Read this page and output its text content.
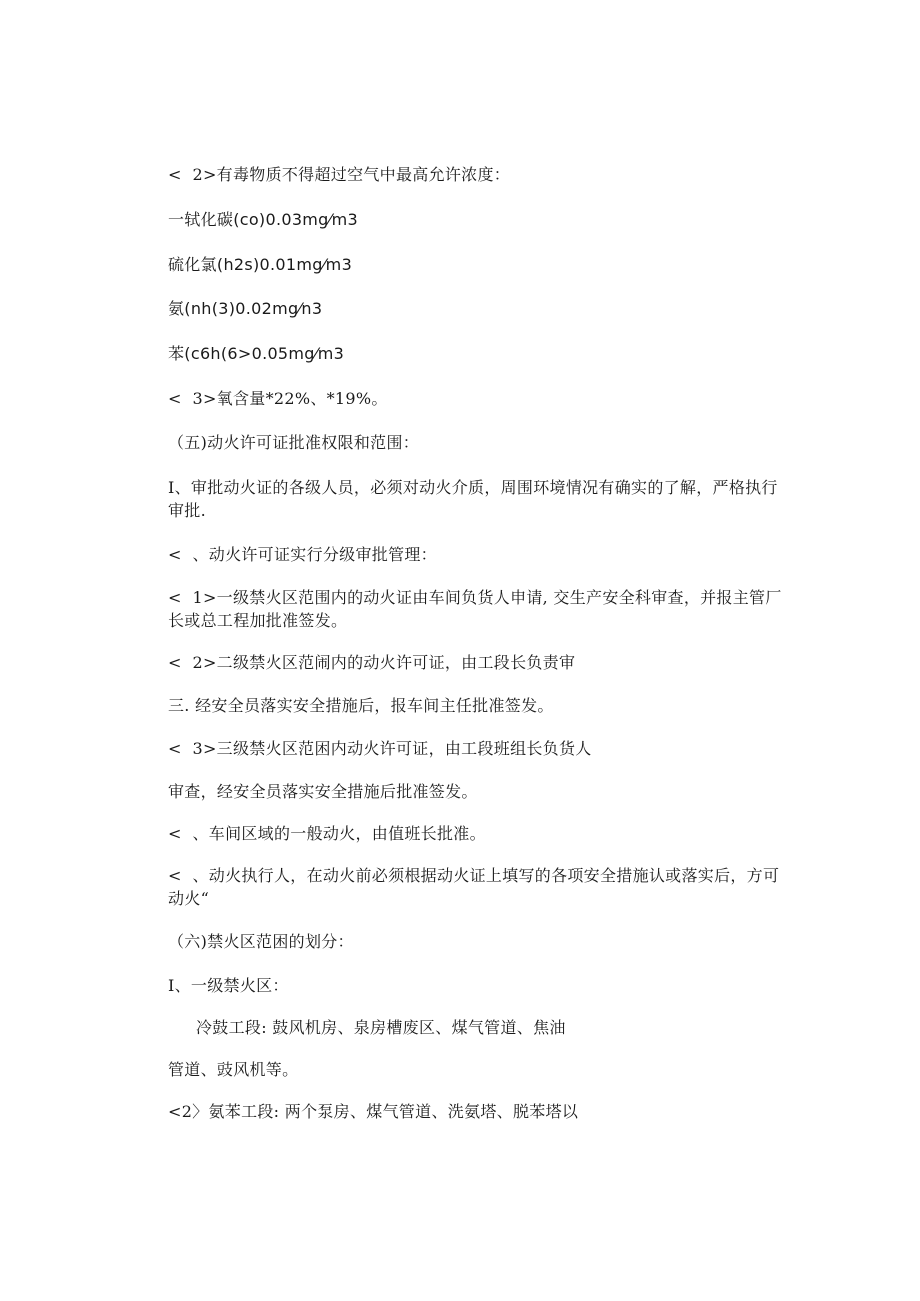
<  2>有毒物质不得超过空气中最高允许浓度：
一轼化碳(co)0.03mg⁄m3
硫化氯(h2s)0.01mg⁄m3
氨(nh(3)0.02mg⁄n3
苯(c6h(6>0.05mg⁄m3
<  3>氧含量*22%、*19%。
（五)动火许可证批准权限和范围：
I、审批动火证的各级人员，必须对动火介质，周围环境情况有确实的了解，严格执行审批.
<  、动火许可证实行分级审批管理：
<  1>一级禁火区范围内的动火证由车间负货人申请, 交生产安全科审查，并报主管厂长或总工程加批准签发。
<  2>二级禁火区范闹内的动火许可证，由工段长负责审
三. 经安全员落实安全措施后，报车间主任批准签发。
<  3>三级禁火区范困内动火许可证，由工段班组长负货人
审查，经安全员落实安全措施后批准签发。
<  、车间区域的一般动火，由值班长批准。
<  、动火执行人，在动火前必须根据动火证上填写的各项安全措施认或落实后，方可动火“
（六)禁火区范困的划分：
I、一级禁火区：
冷鼓工段: 鼓风机房、泉房槽废区、煤气管道、焦油
管道、豉风机等。
<2〉氨苯工段: 两个泵房、煤气管道、洗氨塔、脱苯塔以
